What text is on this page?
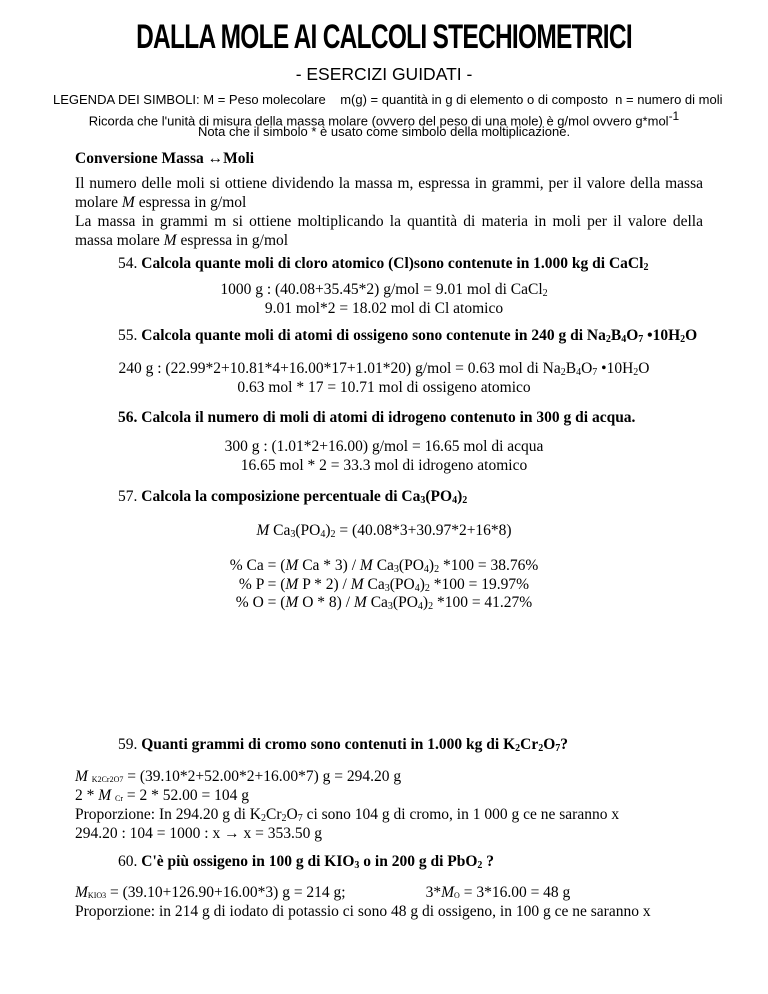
DALLA MOLE AI CALCOLI STECHIOMETRICI
- ESERCIZI GUIDATI -
LEGENDA DEI SIMBOLI: M = Peso molecolare m(g) = quantità in g di elemento o di composto n = numero di moli
Ricorda che l'unità di misura della massa molare (ovvero del peso di una mole) è g/mol ovvero g*mol$^{-1}$
Nota che il simbolo * è usato come simbolo della moltiplicazione.
Conversione Massa ↔Moli
Il numero delle moli si ottiene dividendo la massa m, espressa in grammi, per il valore della massa molare M espressa in g/mol
La massa in grammi m si ottiene moltiplicando la quantità di materia in moli per il valore della massa molare M espressa in g/mol
54. Calcola quante moli di cloro atomico (Cl)sono contenute in 1.000 kg di CaCl$_2$
1000 g : (40.08+35.45*2) g/mol = 9.01 mol di CaCl$_2$
9.01 mol*2 = 18.02 mol di Cl atomico
55. Calcola quante moli di atomi di ossigeno sono contenute in 240 g di $Na_2B_4O_7$ $•10H_2O$
240 g : (22.99*2+10.81*4+16.00*17+1.01*20) g/mol = 0.63 mol di $Na_2B_4O_7$ $•10H_2O$
0.63 mol * 17 = 10.71 mol di ossigeno atomico
56. Calcola il numero di moli di atomi di idrogeno contenuto in 300 g di acqua.
300 g : (1.01*2+16.00) g/mol = 16.65 mol di acqua
16.65 mol * 2 = 33.3 mol di idrogeno atomico
57. Calcola la composizione percentuale di $Ca_3(PO_4)_2$
M $Ca_3(PO_4)_2 = (40.08*3+30.97*2+16*8)$
% Ca = (M Ca * 3) / M $Ca_3(PO_4)_2$ *100 = 38.76%
% P = (M P * 2) / M $Ca_3(PO_4)_2$ *100 = 19.97%
% O = (M O * 8) / M $Ca_3(PO_4)_2$ *100 = 41.27%
59. Quanti grammi di cromo sono contenuti in 1.000 kg di $K_2Cr_2O_7$?
M K2Cr2O7 = (39.10*2+52.00*2+16.00*7) g = 294.20 g
2 * M Cr = 2 * 52.00 = 104 g
Proporzione: In 294.20 g di $K_2Cr_2O_7$ ci sono 104 g di cromo, in 1 000 g ce ne saranno x
294.20 : 104 = 1000 : x → x = 353.50 g
60. C'è più ossigeno in 100 g di $KIO_3$ o in 200 g di PbO$_2$ ?
MKIO3 = (39.10+126.90+16.00*3) g = 214 g;	3*MO = 3*16.00 = 48 g
Proporzione: in 214 g di iodato di potassio ci sono 48 g di ossigeno, in 100 g ce ne saranno x
